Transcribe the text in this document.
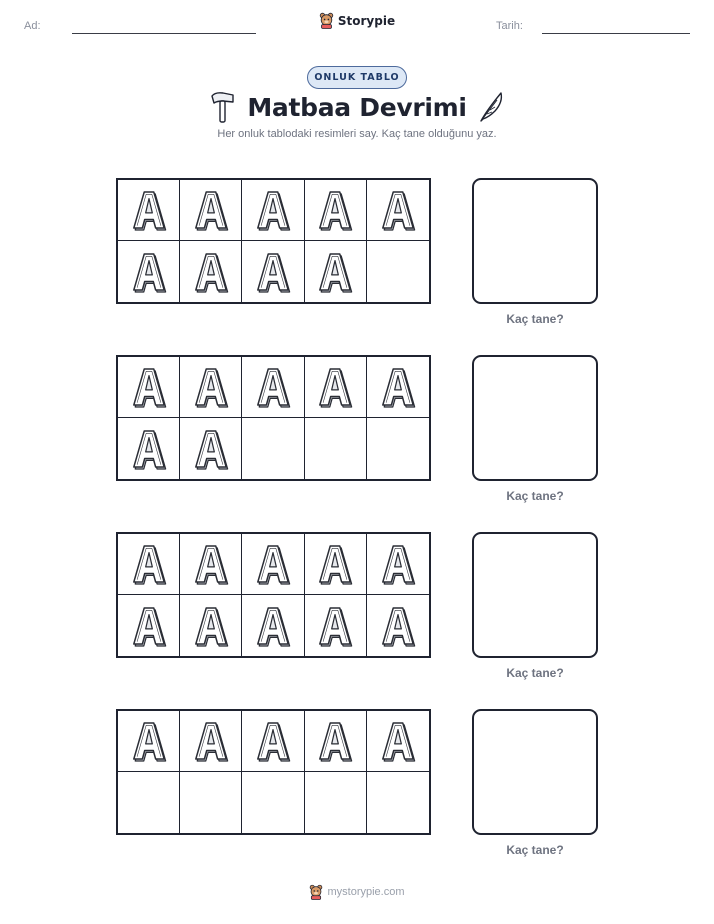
Ad:	Storypie	Tarih:
ONLUK TABLO
Matbaa Devrimi
Her onluk tablodaki resimleri say. Kaç tane olduğunu yaz.
Kaç tane?
Kaç tane?
Kaç tane?
Kaç tane?
mystorypie.com
